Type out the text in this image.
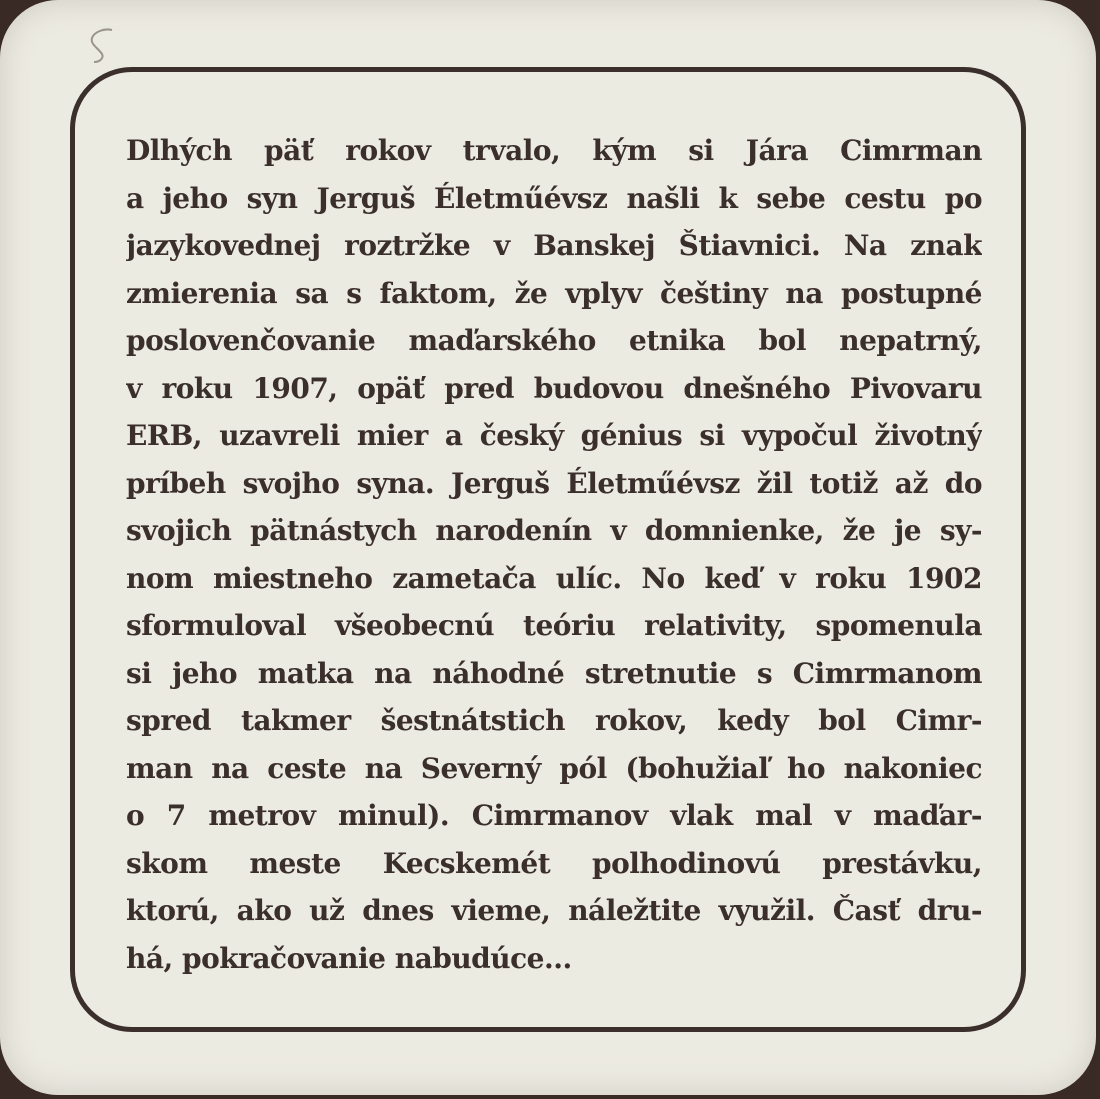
Dlhých päť rokov trvalo, kým si Jára Cimrman
a jeho syn Jerguš Életműévsz našli k sebe cestu po
jazykovednej roztržke v Banskej Štiavnici. Na znak
zmierenia sa s faktom, že vplyv češtiny na postupné
poslovenčovanie maďarského etnika bol nepatrný,
v roku 1907, opäť pred budovou dnešného Pivovaru
ERB, uzavreli mier a český génius si vypočul životný
príbeh svojho syna. Jerguš Életműévsz žil totiž až do
svojich pätnástych narodenín v domnienke, že je sy-
nom miestneho zametača ulíc. No keď v roku 1902
sformuloval všeobecnú teóriu relativity, spomenula
si jeho matka na náhodné stretnutie s Cimrmanom
spred takmer šestnátstich rokov, kedy bol Cimr-
man na ceste na Severný pól (bohužiaľ ho nakoniec
o 7 metrov minul). Cimrmanov vlak mal v maďar-
skom meste Kecskemét polhodinovú prestávku,
ktorú, ako už dnes vieme, náležtite využil. Časť dru-
há, pokračovanie nabudúce...
